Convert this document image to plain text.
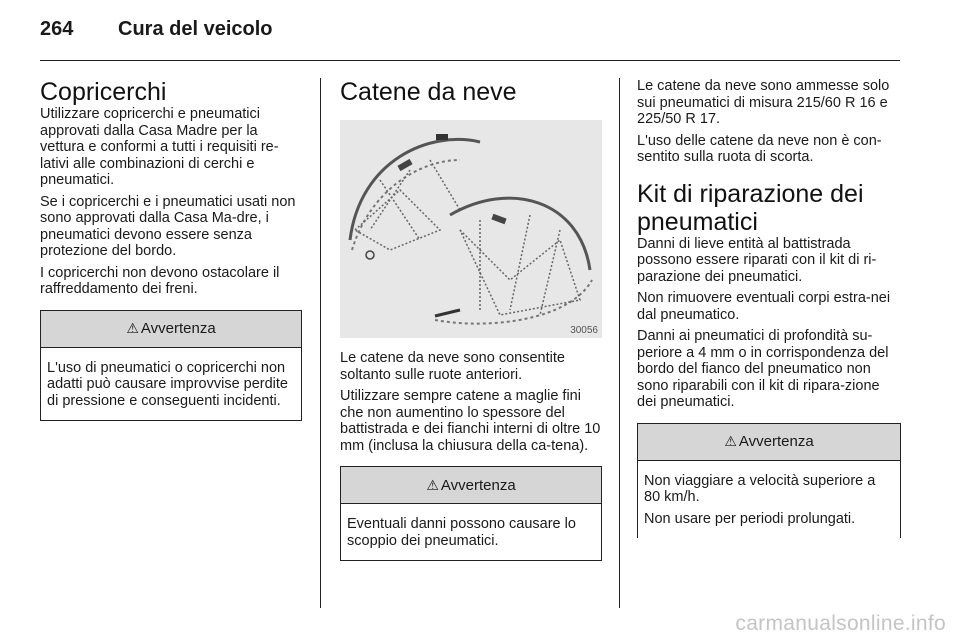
264 Cura del veicolo
Copricerchi

Utilizzare copricerchi e pneumatici approvati dalla Casa Madre per la vettura e conformi a tutti i requisiti re-lativi alle combinazioni di cerchi e pneumatici.

Se i copricerchi e i pneumatici usati non sono approvati dalla Casa Ma-dre, i pneumatici devono essere senza protezione del bordo.

I copricerchi non devono ostacolare il raffreddamento dei freni.

⚠ Avvertenza

L'uso di pneumatici o copricerchi non adatti può causare improvvise perdite di pressione e conseguenti incidenti.

Catene da neve
30056

Le catene da neve sono consentite soltanto sulle ruote anteriori.

Utilizzare sempre catene a maglie fini che non aumentino lo spessore del battistrada e dei fianchi interni di oltre 10 mm (inclusa la chiusura della ca-tena).

⚠ Avvertenza

Eventuali danni possono causare lo scoppio dei pneumatici.

Le catene da neve sono ammesse solo sui pneumatici di misura 215/60 R 16 e 225/50 R 17.

L'uso delle catene da neve non è con-sentito sulla ruota di scorta.

Kit di riparazione dei pneumatici

Danni di lieve entità al battistrada possono essere riparati con il kit di ri-parazione dei pneumatici.

Non rimuovere eventuali corpi estra-nei dal pneumatico.

Danni ai pneumatici di profondità su-periore a 4 mm o in corrispondenza del bordo del fianco del pneumatico non sono riparabili con il kit di ripara-zione dei pneumatici.

⚠ Avvertenza

Non viaggiare a velocità superiore a 80 km/h.

Non usare per periodi prolungati.

carmanualsonline.info
